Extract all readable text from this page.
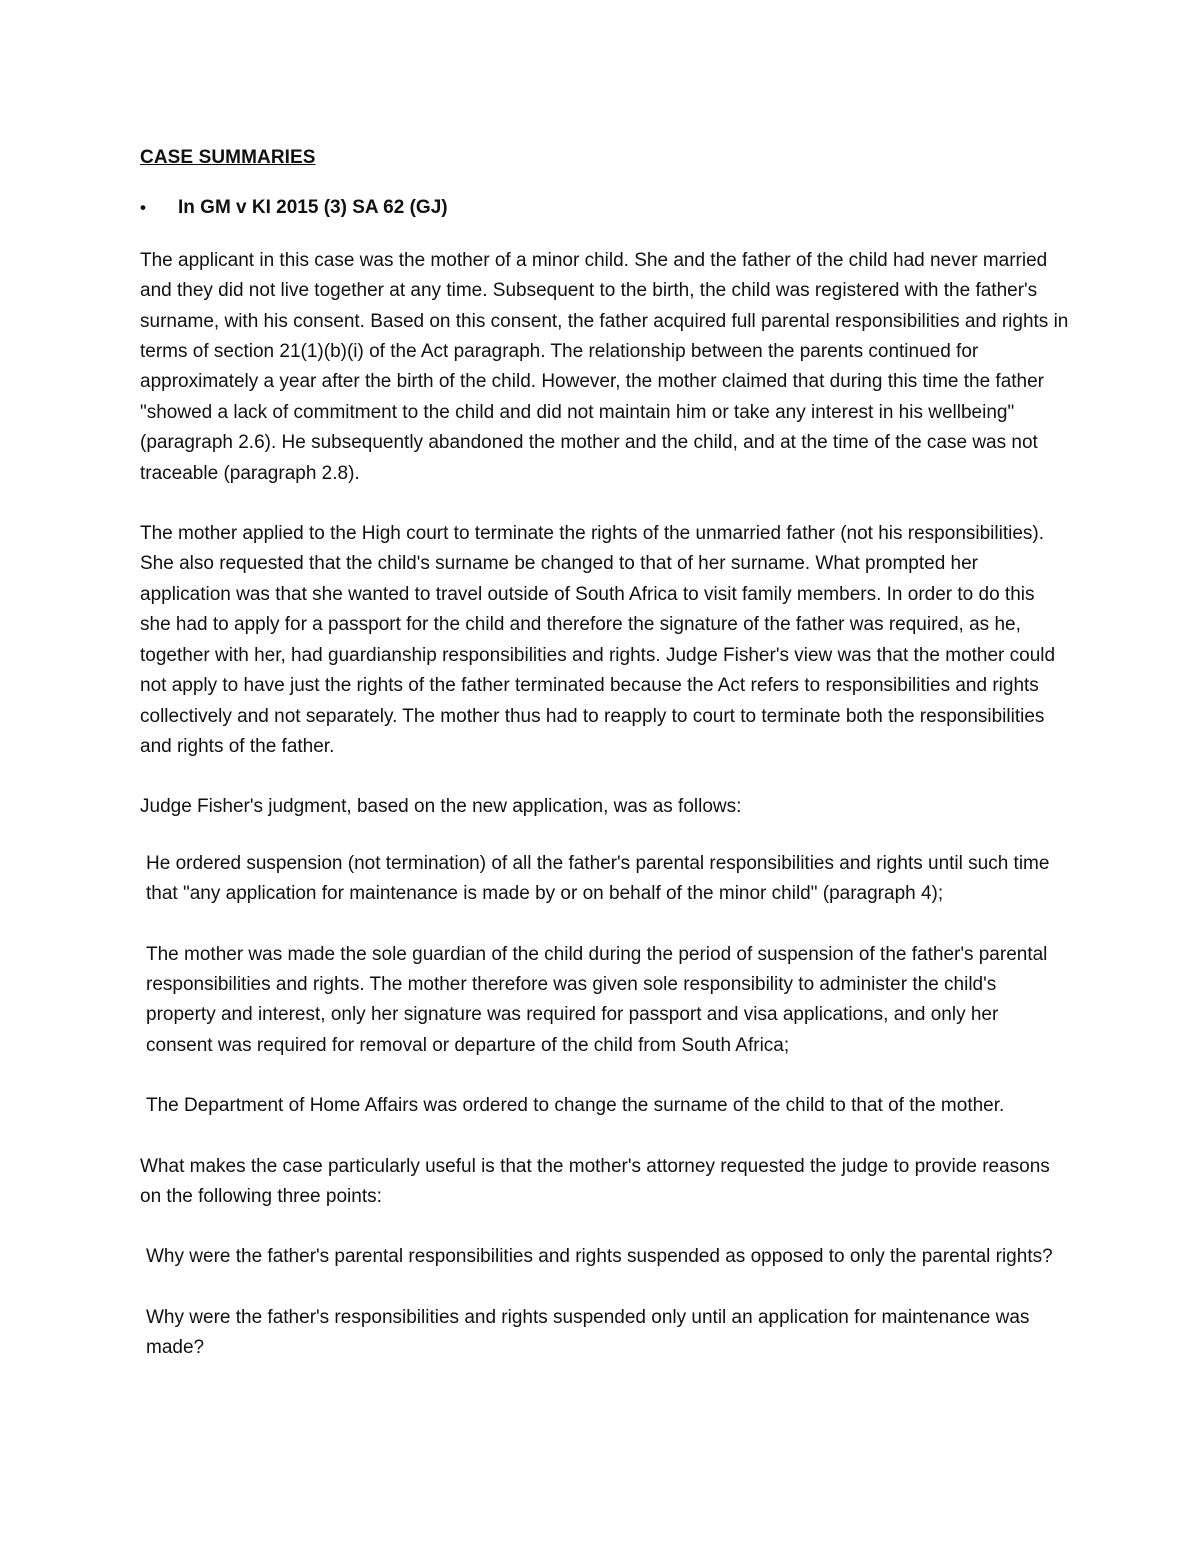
CASE SUMMARIES
•	In GM v KI 2015 (3) SA 62 (GJ)

The applicant in this case was the mother of a minor child. She and the father of the child had never married and they did not live together at any time. Subsequent to the birth, the child was registered with the father's surname, with his consent. Based on this consent, the father acquired full parental responsibilities and rights in terms of section 21(1)(b)(i) of the Act paragraph. The relationship between the parents continued for approximately a year after the birth of the child. However, the mother claimed that during this time the father "showed a lack of commitment to the child and did not maintain him or take any interest in his wellbeing" (paragraph 2.6). He subsequently abandoned the mother and the child, and at the time of the case was not traceable (paragraph 2.8).

The mother applied to the High court to terminate the rights of the unmarried father (not his responsibilities). She also requested that the child's surname be changed to that of her surname. What prompted her application was that she wanted to travel outside of South Africa to visit family members. In order to do this she had to apply for a passport for the child and therefore the signature of the father was required, as he, together with her, had guardianship responsibilities and rights. Judge Fisher's view was that the mother could not apply to have just the rights of the father terminated because the Act refers to responsibilities and rights collectively and not separately. The mother thus had to reapply to court to terminate both the responsibilities and rights of the father.

Judge Fisher's judgment, based on the new application, was as follows:

He ordered suspension (not termination) of all the father's parental responsibilities and rights until such time that "any application for maintenance is made by or on behalf of the minor child" (paragraph 4);

The mother was made the sole guardian of the child during the period of suspension of the father's parental responsibilities and rights. The mother therefore was given sole responsibility to administer the child's property and interest, only her signature was required for passport and visa applications, and only her consent was required for removal or departure of the child from South Africa;

The Department of Home Affairs was ordered to change the surname of the child to that of the mother.

What makes the case particularly useful is that the mother's attorney requested the judge to provide reasons on the following three points:

Why were the father's parental responsibilities and rights suspended as opposed to only the parental rights?

Why were the father's responsibilities and rights suspended only until an application for maintenance was made?
